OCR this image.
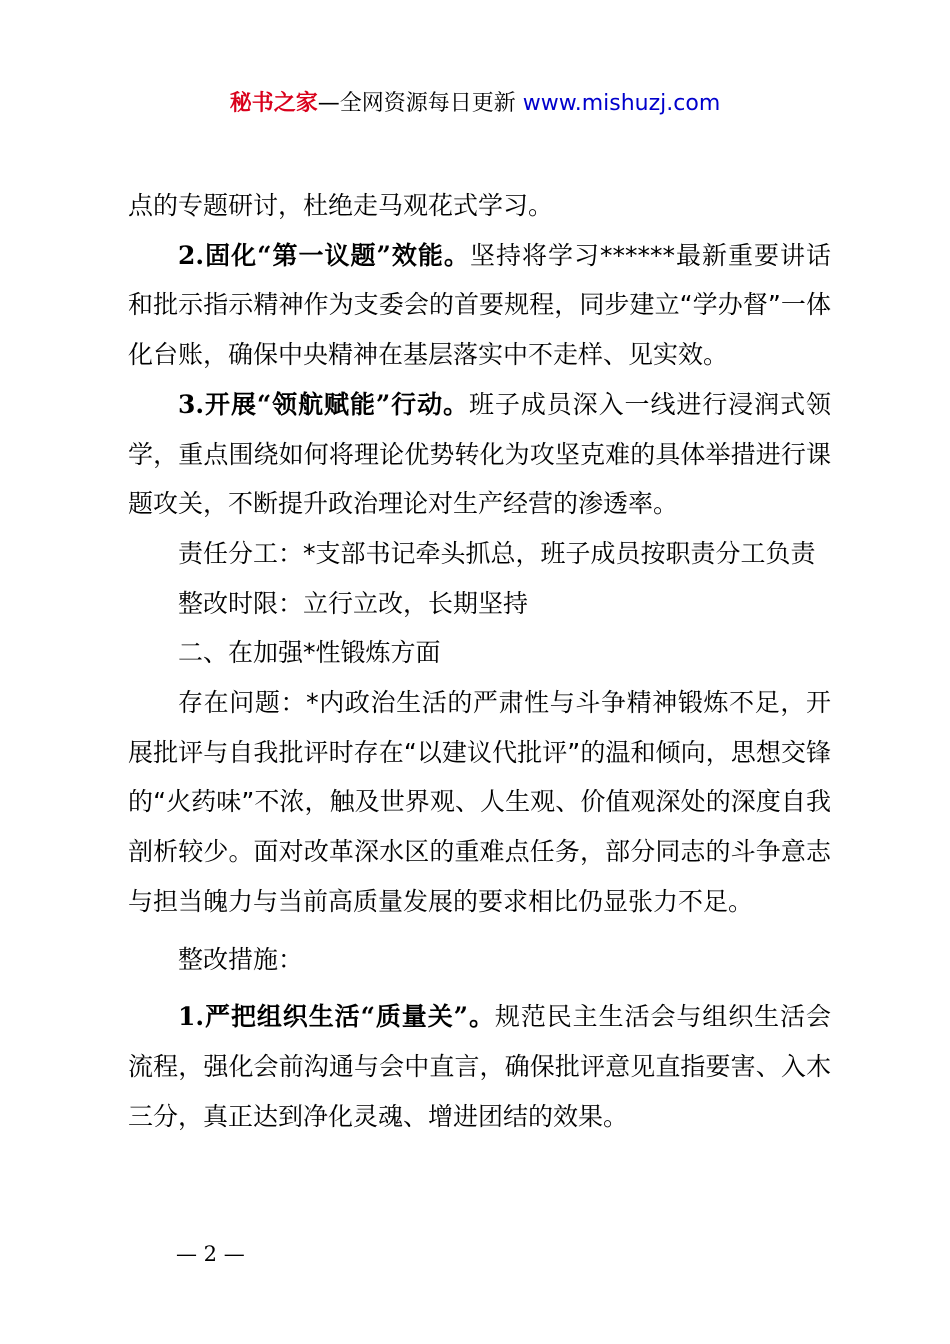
秘书之家—全网资源每日更新 www.mishuzj.com

点的专题研讨，杜绝走马观花式学习。

2.固化“第一议题”效能。坚持将学习******最新重要讲话和批示指示精神作为支委会的首要规程，同步建立“学办督”一体化台账，确保中央精神在基层落实中不走样、见实效。

3.开展“领航赋能”行动。班子成员深入一线进行浸润式领学，重点围绕如何将理论优势转化为攻坚克难的具体举措进行课题攻关，不断提升政治理论对生产经营的渗透率。

责任分工：*支部书记牵头抓总，班子成员按职责分工负责

整改时限：立行立改，长期坚持

二、在加强*性锻炼方面

存在问题：*内政治生活的严肃性与斗争精神锻炼不足，开展批评与自我批评时存在“以建议代批评”的温和倾向，思想交锋的“火药味”不浓，触及世界观、人生观、价值观深处的深度自我剖析较少。面对改革深水区的重难点任务，部分同志的斗争意志与担当魄力与当前高质量发展的要求相比仍显张力不足。

整改措施：

1.严把组织生活“质量关”。规范民主生活会与组织生活会流程，强化会前沟通与会中直言，确保批评意见直指要害、入木三分，真正达到净化灵魂、增进团结的效果。

— 2 —
